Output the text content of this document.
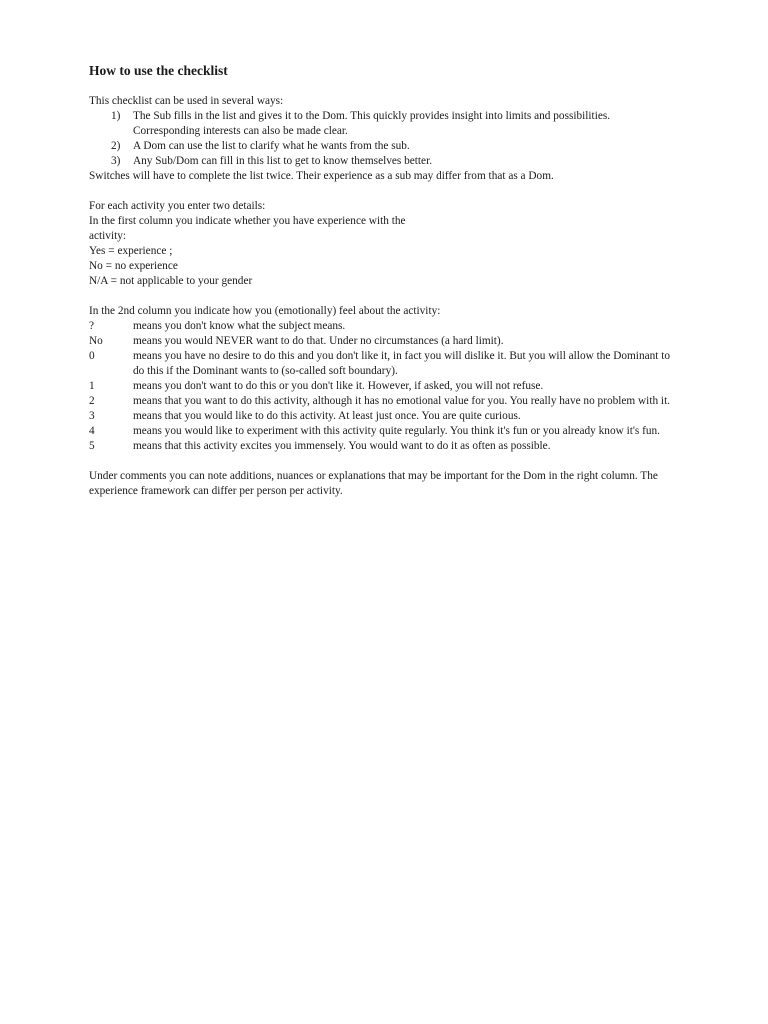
How to use the checklist
This checklist can be used in several ways:
1)	The Sub fills in the list and gives it to the Dom. This quickly provides insight into limits and possibilities. Corresponding interests can also be made clear.
2)	A Dom can use the list to clarify what he wants from the sub.
3)	Any Sub/Dom can fill in this list to get to know themselves better.
Switches will have to complete the list twice. Their experience as a sub may differ from that as a Dom.
For each activity you enter two details:
In the first column you indicate whether you have experience with the
activity:
Yes = experience ;
No = no experience
N/A = not applicable to your gender
In the 2nd column you indicate how you (emotionally) feel about the activity:
?	means you don't know what the subject means.
No	means you would NEVER want to do that. Under no circumstances (a hard limit).
0	means you have no desire to do this and you don't like it, in fact you will dislike it. But you will allow the Dominant to do this if the Dominant wants to (so-called soft boundary).
1	means you don't want to do this or you don't like it. However, if asked, you will not refuse.
2	means that you want to do this activity, although it has no emotional value for you. You really have no problem with it.
3	means that you would like to do this activity. At least just once. You are quite curious.
4	means you would like to experiment with this activity quite regularly. You think it's fun or you already know it's fun.
5	means that this activity excites you immensely. You would want to do it as often as possible.
Under comments you can note additions, nuances or explanations that may be important for the Dom in the right column. The experience framework can differ per person per activity.
